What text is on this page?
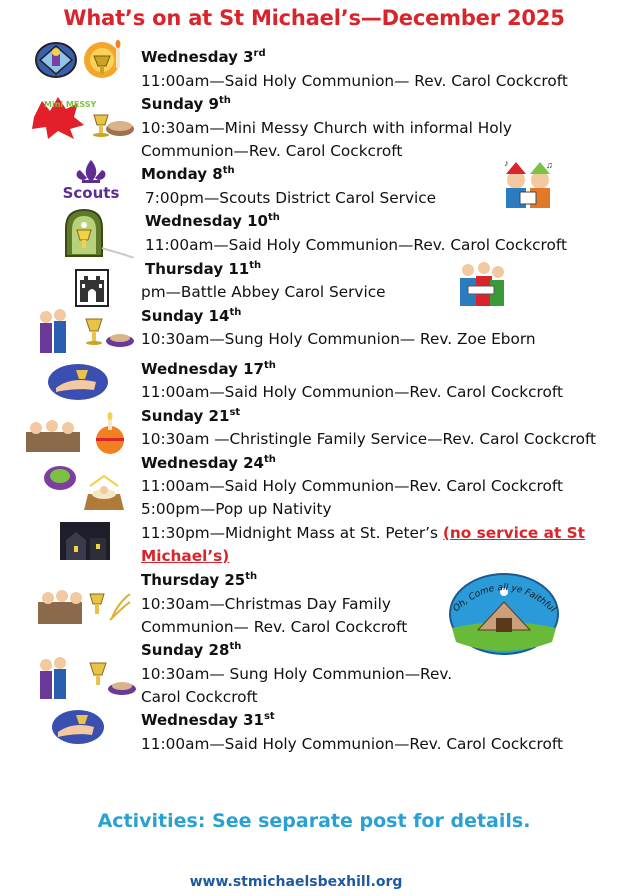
What’s on at St Michael’s—December 2025
Wednesday 3rd
11:00am—Said Holy Communion— Rev. Carol Cockcroft
Sunday 9th
10:30am—Mini Messy Church with informal Holy
Communion—Rev. Carol Cockcroft
Monday 8th
7:00pm—Scouts District Carol Service
Wednesday 10th
11:00am—Said Holy Communion—Rev. Carol Cockcroft
Thursday 11th
pm—Battle Abbey Carol Service
Sunday 14th
10:30am—Sung Holy Communion— Rev. Zoe Eborn
Wednesday 17th
11:00am—Said Holy Communion—Rev. Carol Cockcroft
Sunday 21st
10:30am —Christingle Family Service—Rev. Carol Cockcroft
Wednesday 24th
11:00am—Said Holy Communion—Rev. Carol Cockcroft
5:00pm—Pop up Nativity
11:30pm—Midnight Mass at St. Peter’s (no service at St
Michael’s)
Thursday 25th
10:30am—Christmas Day Family
Communion— Rev. Carol Cockcroft
Sunday 28th
10:30am— Sung Holy Communion—Rev.
Carol Cockcroft
Wednesday 31st
11:00am—Said Holy Communion—Rev. Carol Cockcroft
Activities: See separate post for details.
www.stmichaelsbexhill.org
Mini MESSY
Scouts
♪	♫
Oh, Come all ye Faithful
